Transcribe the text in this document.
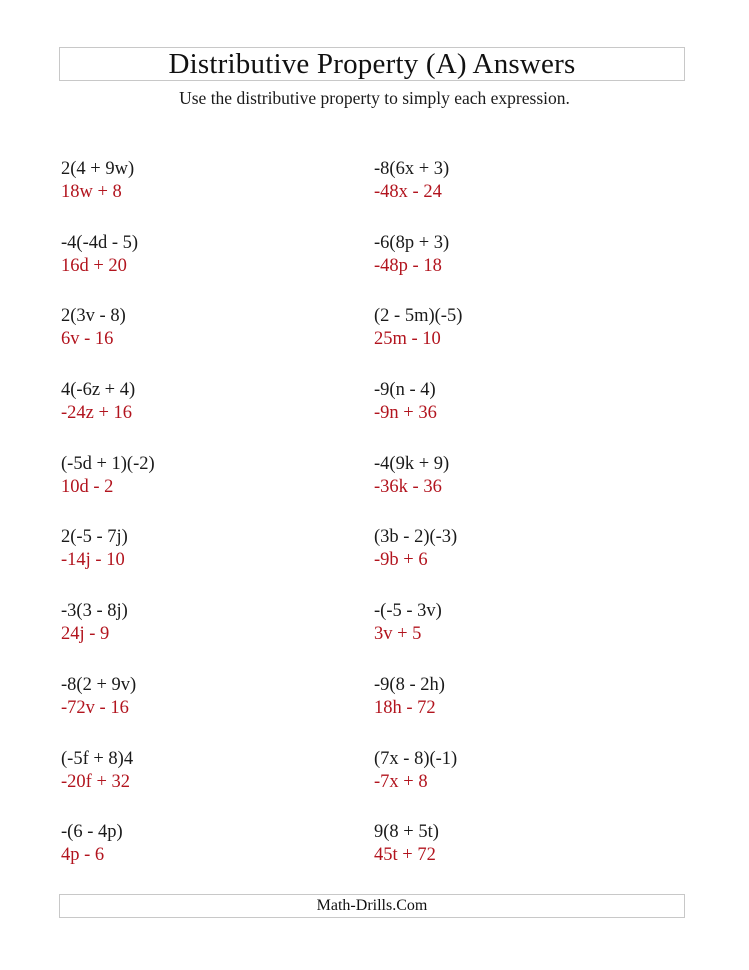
Distributive Property (A) Answers
Use the distributive property to simply each expression.
2(4 + 9w)
18w + 8
-4(-4d - 5)
16d + 20
2(3v - 8)
6v - 16
4(-6z + 4)
-24z + 16
(-5d + 1)(-2)
10d - 2
2(-5 - 7j)
-14j - 10
-3(3 - 8j)
24j - 9
-8(2 + 9v)
-72v - 16
(-5f + 8)4
-20f + 32
-(6 - 4p)
4p - 6
-8(6x + 3)
-48x - 24
-6(8p + 3)
-48p - 18
(2 - 5m)(-5)
25m - 10
-9(n - 4)
-9n + 36
-4(9k + 9)
-36k - 36
(3b - 2)(-3)
-9b + 6
-(-5 - 3v)
3v + 5
-9(8 - 2h)
18h - 72
(7x - 8)(-1)
-7x + 8
9(8 + 5t)
45t + 72
Math-Drills.Com
